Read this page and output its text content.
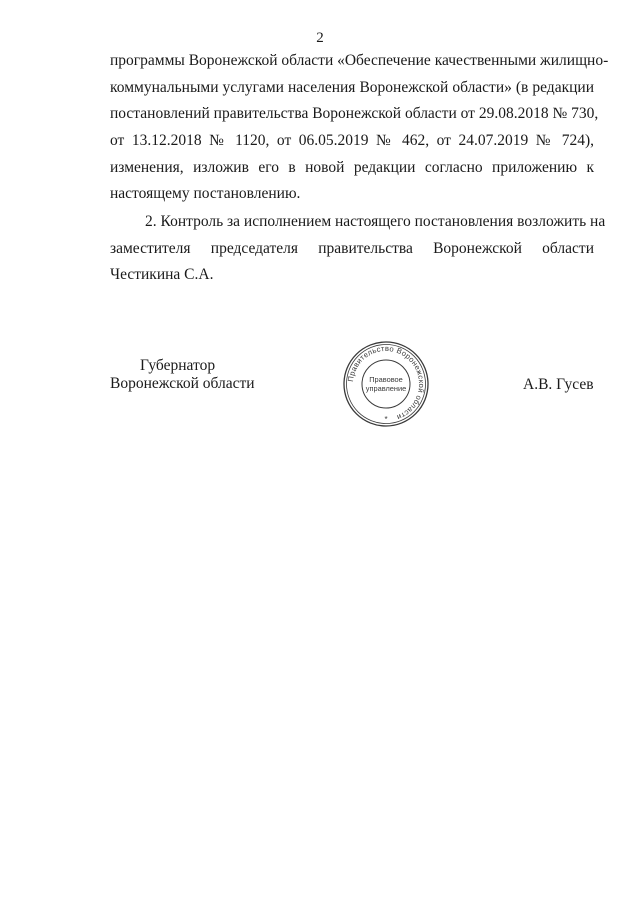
2
программы Воронежской области «Обеспечение качественными жилищно-
коммунальными услугами населения Воронежской области» (в редакции
постановлений правительства Воронежской области от 29.08.2018 № 730,
от 13.12.2018 № 1120, от 06.05.2019 № 462, от 24.07.2019 № 724),
изменения, изложив его в новой редакции согласно приложению к
настоящему постановлению.
2. Контроль за исполнением настоящего постановления возложить на
заместителя председателя правительства Воронежской области
Честикина С.А.
Губернатор
Воронежской области	А.В. Гусев
Правительство Воронежской области
Правовое
управление
*
